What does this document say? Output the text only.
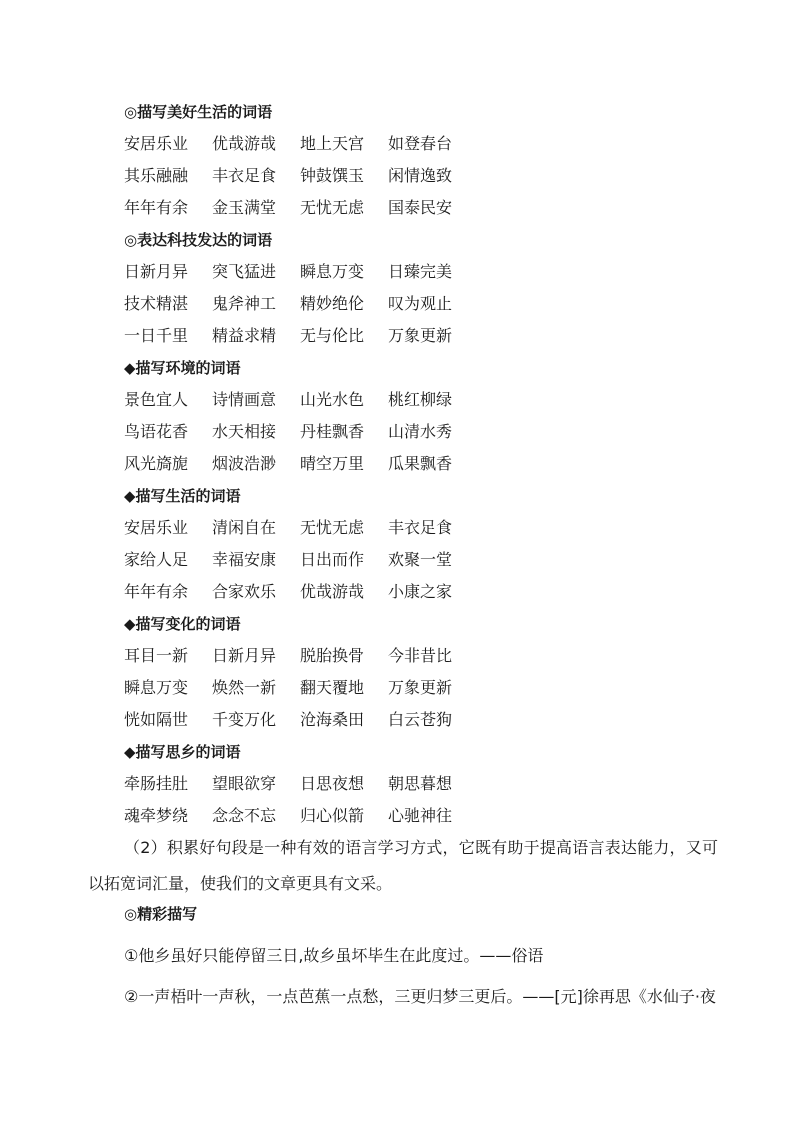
◎描写美好生活的词语
安居乐业	优哉游哉	地上天宫	如登春台
其乐融融	丰衣足食	钟鼓馔玉	闲情逸致
年年有余	金玉满堂	无忧无虑	国泰民安
◎表达科技发达的词语
日新月异	突飞猛进	瞬息万变	日臻完美
技术精湛	鬼斧神工	精妙绝伦	叹为观止
一日千里	精益求精	无与伦比	万象更新
◆描写环境的词语
景色宜人	诗情画意	山光水色	桃红柳绿
鸟语花香	水天相接	丹桂飘香	山清水秀
风光旖旎	烟波浩渺	晴空万里	瓜果飘香
◆描写生活的词语
安居乐业	清闲自在	无忧无虑	丰衣足食
家给人足	幸福安康	日出而作	欢聚一堂
年年有余	合家欢乐	优哉游哉	小康之家
◆描写变化的词语
耳目一新	日新月异	脱胎换骨	今非昔比
瞬息万变	焕然一新	翻天覆地	万象更新
恍如隔世	千变万化	沧海桑田	白云苍狗
◆描写思乡的词语
牵肠挂肚	望眼欲穿	日思夜想	朝思暮想
魂牵梦绕	念念不忘	归心似箭	心驰神往
（2）积累好句段是一种有效的语言学习方式，它既有助于提高语言表达能力，又可以拓宽词汇量，使我们的文章更具有文采。
◎精彩描写
①他乡虽好只能停留三日,故乡虽坏毕生在此度过。——俗语
②一声梧叶一声秋，一点芭蕉一点愁，三更归梦三更后。——[元]徐再思《水仙子·夜
